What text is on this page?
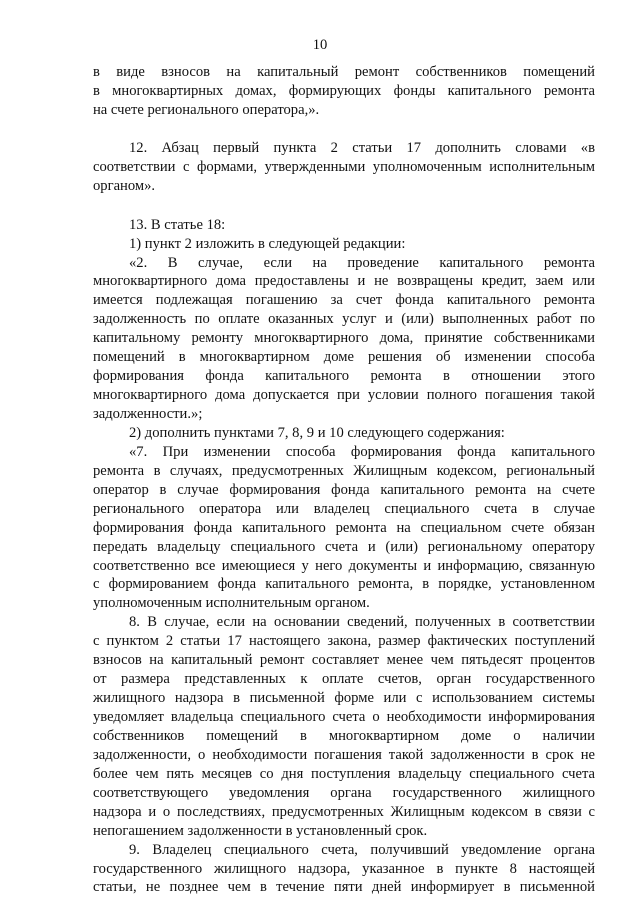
10
в виде взносов на капитальный ремонт собственников помещений
в многоквартирных домах, формирующих фонды капитального ремонта
на счете регионального оператора,».
12. Абзац первый пункта 2 статьи 17 дополнить словами «в
соответствии с формами, утвержденными уполномоченным исполнительным
органом».
13. В статье 18:
1) пункт 2 изложить в следующей редакции:
«2. В случае, если на проведение капитального ремонта
многоквартирного дома предоставлены и не возвращены кредит, заем или
имеется подлежащая погашению за счет фонда капитального ремонта
задолженность по оплате оказанных услуг и (или) выполненных работ по
капитальному ремонту многоквартирного дома, принятие собственниками
помещений в многоквартирном доме решения об изменении способа
формирования фонда капитального ремонта в отношении этого
многоквартирного дома допускается при условии полного погашения такой
задолженности.»;
2) дополнить пунктами 7, 8, 9 и 10 следующего содержания:
«7. При изменении способа формирования фонда капитального
ремонта в случаях, предусмотренных Жилищным кодексом, региональный
оператор в случае формирования фонда капитального ремонта на счете
регионального оператора или владелец специального счета в случае
формирования фонда капитального ремонта на специальном счете обязан
передать владельцу специального счета и (или) региональному оператору
соответственно все имеющиеся у него документы и информацию, связанную
с формированием фонда капитального ремонта, в порядке, установленном
уполномоченным исполнительным органом.
8. В случае, если на основании сведений, полученных в соответствии
с пунктом 2 статьи 17 настоящего закона, размер фактических поступлений
взносов на капитальный ремонт составляет менее чем пятьдесят процентов
от размера представленных к оплате счетов, орган государственного
жилищного надзора в письменной форме или с использованием системы
уведомляет владельца специального счета о необходимости информирования
собственников помещений в многоквартирном доме о наличии
задолженности, о необходимости погашения такой задолженности в срок не
более чем пять месяцев со дня поступления владельцу специального счета
соответствующего уведомления органа государственного жилищного
надзора и о последствиях, предусмотренных Жилищным кодексом в связи с
непогашением задолженности в установленный срок.
9. Владелец специального счета, получивший уведомление органа
государственного жилищного надзора, указанное в пункте 8 настоящей
статьи, не позднее чем в течение пяти дней информирует в письменной
